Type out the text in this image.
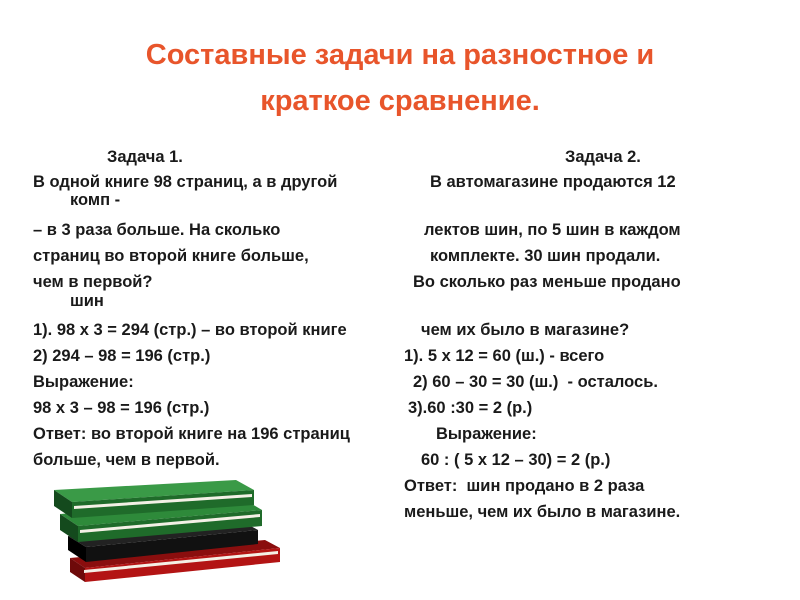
Составные задачи на разностное и
краткое сравнение.
Задача 1.	Задача 2.
В одной книге 98 страниц, а в другой	В автомагазине продаются 12
комп -
– в 3 раза больше. На сколько	лектов шин, по 5 шин в каждом
страниц во второй книге больше,	комплекте. 30 шин продали.
чем в первой?	Во сколько раз меньше продано
шин
1). 98 х 3 = 294 (стр.) – во второй книге	чем их было в магазине?
2) 294 – 98 = 196 (стр.)	1). 5 х 12 = 60 (ш.) - всего
Выражение:	2) 60 – 30 = 30 (ш.)  - осталось.
98 х 3 – 98 = 196 (стр.)	3).60 :30 = 2 (р.)
Ответ: во второй книге на 196 страниц	Выражение:
больше, чем в первой.	60 : ( 5 х 12 – 30) = 2 (р.)
Ответ:  шин продано в 2 раза
меньше, чем их было в магазине.
